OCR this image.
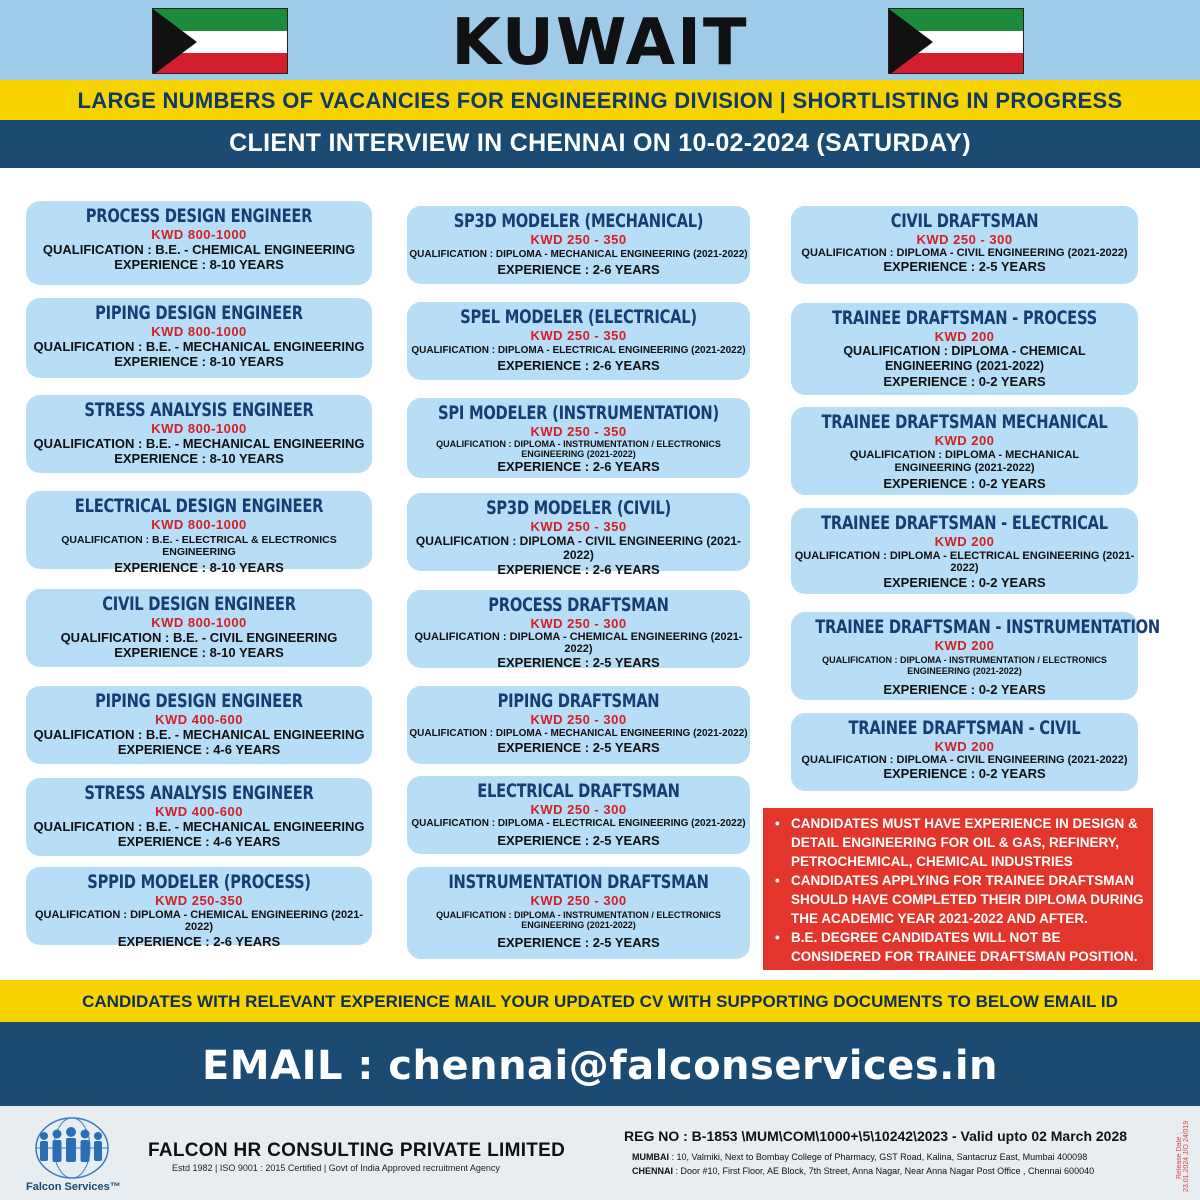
KUWAIT
LARGE NUMBERS OF VACANCIES FOR ENGINEERING DIVISION | SHORTLISTING IN PROGRESS
CLIENT INTERVIEW IN CHENNAI ON 10-02-2024 (SATURDAY)
PROCESS DESIGN ENGINEER
KWD 800-1000
QUALIFICATION : B.E. - CHEMICAL ENGINEERING
EXPERIENCE : 8-10 YEARS
PIPING DESIGN ENGINEER
KWD 800-1000
QUALIFICATION : B.E. - MECHANICAL ENGINEERING
EXPERIENCE : 8-10 YEARS
STRESS ANALYSIS ENGINEER
KWD 800-1000
QUALIFICATION : B.E. - MECHANICAL ENGINEERING
EXPERIENCE : 8-10 YEARS
ELECTRICAL DESIGN ENGINEER
KWD 800-1000
QUALIFICATION : B.E. - ELECTRICAL & ELECTRONICS ENGINEERING
EXPERIENCE : 8-10 YEARS
CIVIL DESIGN ENGINEER
KWD 800-1000
QUALIFICATION : B.E. - CIVIL ENGINEERING
EXPERIENCE : 8-10 YEARS
PIPING DESIGN ENGINEER
KWD 400-600
QUALIFICATION : B.E. - MECHANICAL ENGINEERING
EXPERIENCE : 4-6 YEARS
STRESS ANALYSIS ENGINEER
KWD 400-600
QUALIFICATION : B.E. - MECHANICAL ENGINEERING
EXPERIENCE : 4-6 YEARS
SPPID MODELER (PROCESS)
KWD 250-350
QUALIFICATION : DIPLOMA - CHEMICAL ENGINEERING (2021-2022)
EXPERIENCE : 2-6 YEARS
SP3D MODELER (MECHANICAL)
KWD 250 - 350
QUALIFICATION : DIPLOMA - MECHANICAL ENGINEERING (2021-2022)
EXPERIENCE : 2-6 YEARS
SPEL MODELER (ELECTRICAL)
KWD 250 - 350
QUALIFICATION : DIPLOMA - ELECTRICAL ENGINEERING (2021-2022)
EXPERIENCE : 2-6 YEARS
SPI MODELER (INSTRUMENTATION)
KWD 250 - 350
QUALIFICATION : DIPLOMA - INSTRUMENTATION / ELECTRONICS ENGINEERING (2021-2022)
EXPERIENCE : 2-6 YEARS
SP3D MODELER (CIVIL)
KWD 250 - 350
QUALIFICATION : DIPLOMA - CIVIL ENGINEERING (2021-2022)
EXPERIENCE : 2-6 YEARS
PROCESS DRAFTSMAN
KWD 250 - 300
QUALIFICATION : DIPLOMA - CHEMICAL ENGINEERING (2021-2022)
EXPERIENCE : 2-5 YEARS
PIPING DRAFTSMAN
KWD 250 - 300
QUALIFICATION : DIPLOMA - MECHANICAL ENGINEERING (2021-2022)
EXPERIENCE : 2-5 YEARS
ELECTRICAL DRAFTSMAN
KWD 250 - 300
QUALIFICATION : DIPLOMA - ELECTRICAL ENGINEERING (2021-2022)
EXPERIENCE : 2-5 YEARS
INSTRUMENTATION DRAFTSMAN
KWD 250 - 300
QUALIFICATION : DIPLOMA - INSTRUMENTATION / ELECTRONICS ENGINEERING (2021-2022)
EXPERIENCE : 2-5 YEARS
CIVIL DRAFTSMAN
KWD 250 - 300
QUALIFICATION : DIPLOMA - CIVIL ENGINEERING (2021-2022)
EXPERIENCE : 2-5 YEARS
TRAINEE DRAFTSMAN - PROCESS
KWD 200
QUALIFICATION : DIPLOMA - CHEMICAL ENGINEERING (2021-2022)
EXPERIENCE : 0-2 YEARS
TRAINEE DRAFTSMAN MECHANICAL
KWD 200
QUALIFICATION : DIPLOMA - MECHANICAL ENGINEERING (2021-2022)
EXPERIENCE : 0-2 YEARS
TRAINEE DRAFTSMAN - ELECTRICAL
KWD 200
QUALIFICATION : DIPLOMA - ELECTRICAL ENGINEERING (2021-2022)
EXPERIENCE : 0-2 YEARS
TRAINEE DRAFTSMAN - INSTRUMENTATION
KWD 200
QUALIFICATION : DIPLOMA - INSTRUMENTATION / ELECTRONICS ENGINEERING (2021-2022)
EXPERIENCE : 0-2 YEARS
TRAINEE DRAFTSMAN - CIVIL
KWD 200
QUALIFICATION : DIPLOMA - CIVIL ENGINEERING (2021-2022)
EXPERIENCE : 0-2 YEARS
• CANDIDATES MUST HAVE EXPERIENCE IN DESIGN & DETAIL ENGINEERING FOR OIL & GAS, REFINERY, PETROCHEMICAL, CHEMICAL INDUSTRIES
• CANDIDATES APPLYING FOR TRAINEE DRAFTSMAN SHOULD HAVE COMPLETED THEIR DIPLOMA DURING THE ACADEMIC YEAR 2021-2022 AND AFTER.
• B.E. DEGREE CANDIDATES WILL NOT BE CONSIDERED FOR TRAINEE DRAFTSMAN POSITION.
CANDIDATES WITH RELEVANT EXPERIENCE MAIL YOUR UPDATED CV WITH SUPPORTING DOCUMENTS TO BELOW EMAIL ID
EMAIL : chennai@falconservices.in
Falcon Services™
FALCON HR CONSULTING PRIVATE LIMITED
Estd 1982 | ISO 9001 : 2015 Certified | Govt of India Approved recruitment Agency
REG NO : B-1853 \MUM\COM\1000+\5\10242\2023 - Valid upto 02 March 2028
MUMBAI : 10, Valmiki, Next to Bombay College of Pharmacy, GST Road, Kalina, Santacruz East, Mumbai 400098
CHENNAI : Door #10, First Floor, AE Block, 7th Street, Anna Nagar, Near Anna Nagar Post Office , Chennai 600040	Release Date : 23.01.2024 J/O 24/019
